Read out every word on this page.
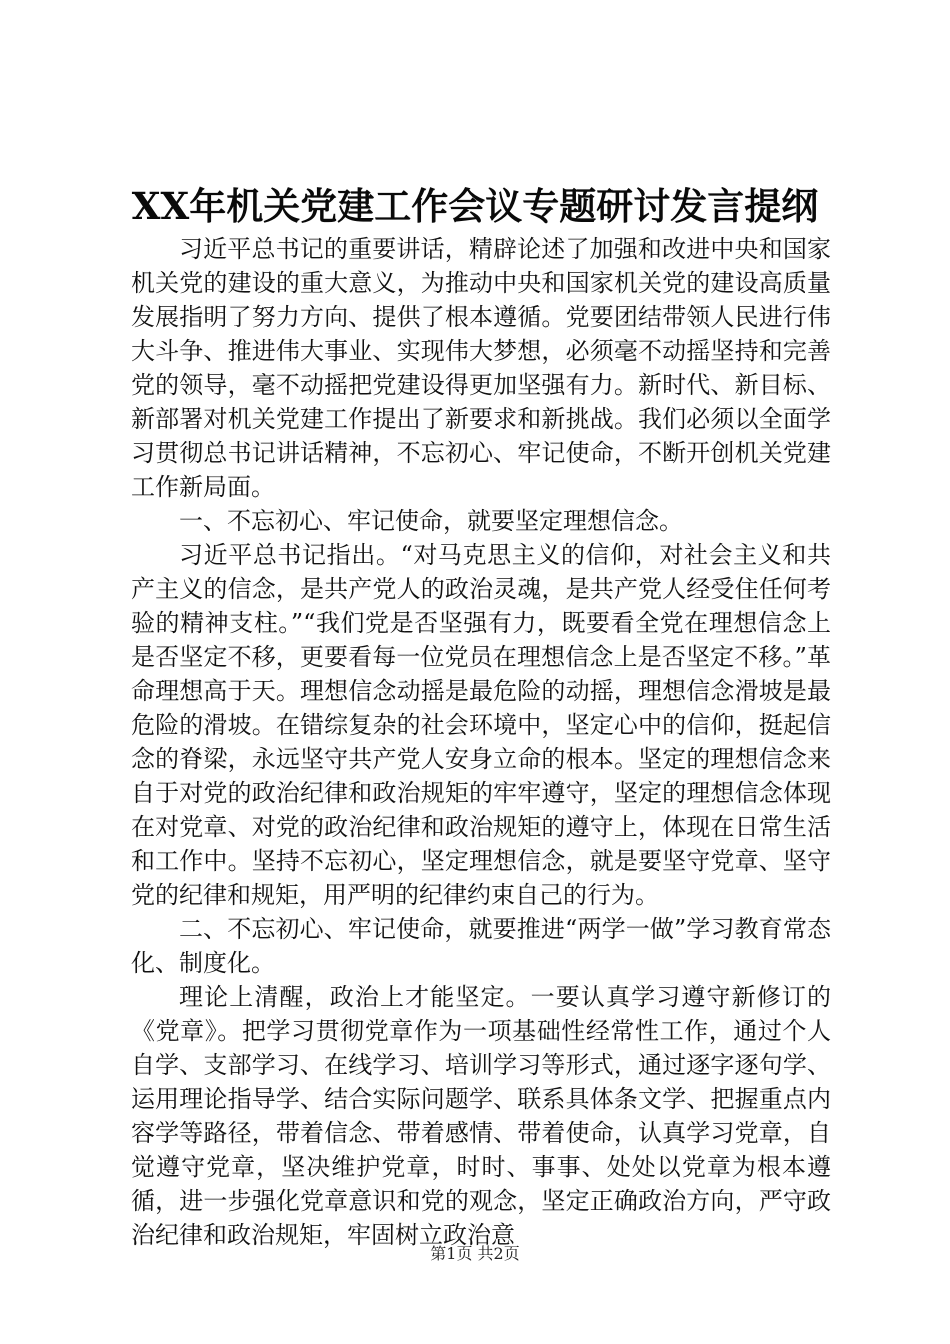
XX年机关党建工作会议专题研讨发言提纲

习近平总书记的重要讲话，精辟论述了加强和改进中央和国家机关党的建设的重大意义，为推动中央和国家机关党的建设高质量发展指明了努力方向、提供了根本遵循。党要团结带领人民进行伟大斗争、推进伟大事业、实现伟大梦想，必须毫不动摇坚持和完善党的领导，毫不动摇把党建设得更加坚强有力。新时代、新目标、新部署对机关党建工作提出了新要求和新挑战。我们必须以全面学习贯彻总书记讲话精神，不忘初心、牢记使命，不断开创机关党建工作新局面。

一、不忘初心、牢记使命，就要坚定理想信念。

习近平总书记指出。“对马克思主义的信仰，对社会主义和共产主义的信念，是共产党人的政治灵魂，是共产党人经受住任何考验的精神支柱。”“我们党是否坚强有力，既要看全党在理想信念上是否坚定不移，更要看每一位党员在理想信念上是否坚定不移。”革命理想高于天。理想信念动摇是最危险的动摇，理想信念滑坡是最危险的滑坡。在错综复杂的社会环境中，坚定心中的信仰，挺起信念的脊梁，永远坚守共产党人安身立命的根本。坚定的理想信念来自于对党的政治纪律和政治规矩的牢牢遵守，坚定的理想信念体现在对党章、对党的政治纪律和政治规矩的遵守上，体现在日常生活和工作中。坚持不忘初心，坚定理想信念，就是要坚守党章、坚守党的纪律和规矩，用严明的纪律约束自己的行为。

二、不忘初心、牢记使命，就要推进“两学一做”学习教育常态化、制度化。

理论上清醒，政治上才能坚定。一要认真学习遵守新修订的《党章》。把学习贯彻党章作为一项基础性经常性工作，通过个人自学、支部学习、在线学习、培训学习等形式，通过逐字逐句学、运用理论指导学、结合实际问题学、联系具体条文学、把握重点内容学等路径，带着信念、带着感情、带着使命，认真学习党章，自觉遵守党章，坚决维护党章，时时、事事、处处以党章为根本遵循，进一步强化党章意识和党的观念，坚定正确政治方向，严守政治纪律和政治规矩，牢固树立政治意

第1页 共2页
